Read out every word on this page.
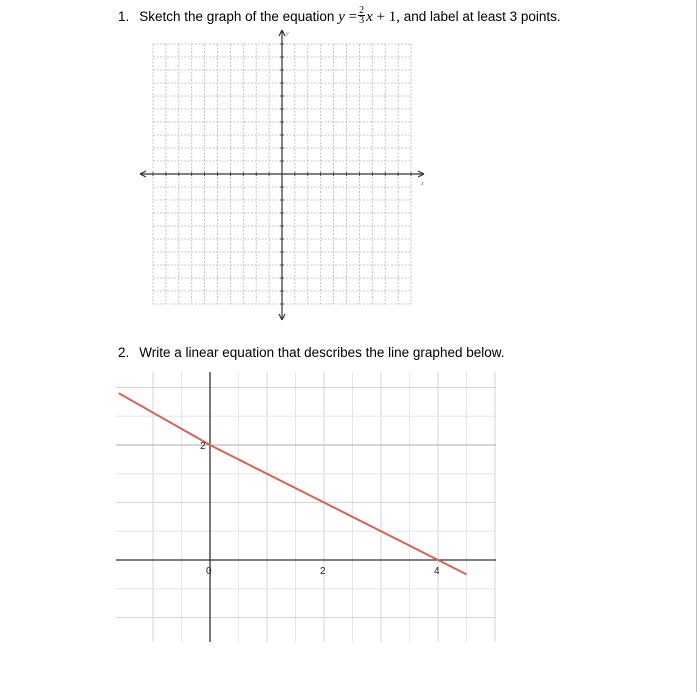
1. Sketch the graph of the equation $y = \frac{2}{3}$ x + 1, and label at least 3 points.
2. Write a linear equation that describes the line graphed below.
x
y
0	2	4
2
